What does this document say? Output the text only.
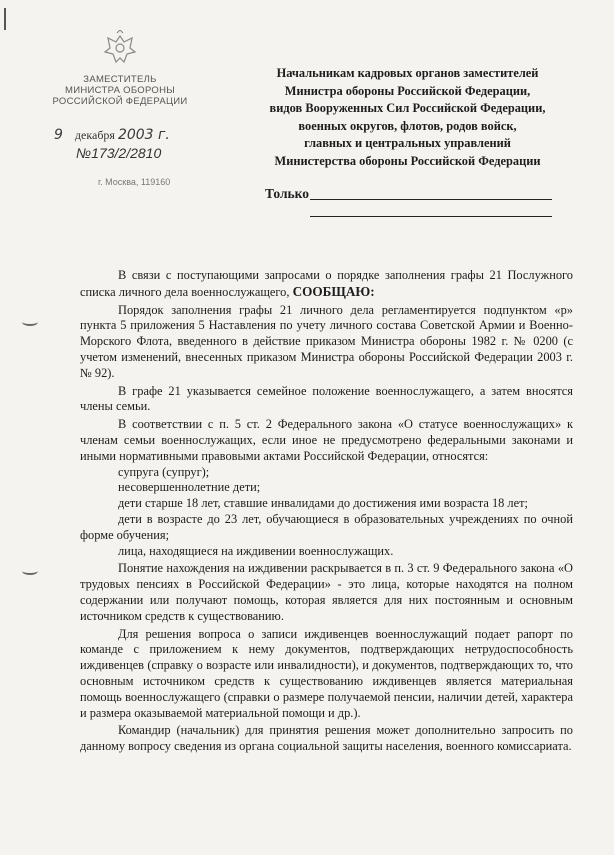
ЗАМЕСТИТЕЛЬ
МИНИСТРА ОБОРОНЫ
РОССИЙСКОЙ ФЕДЕРАЦИИ
9 декабря 2003 г.
№173/2/2810
г. Москва, 119160
Начальникам кадровых органов заместителей
Министра обороны Российской Федерации,
видов Вооруженных Сил Российской Федерации,
военных округов, флотов, родов войск,
главных и центральных управлений
Министерства обороны Российской Федерации
Только

В связи с поступающими запросами о порядке заполнения графы 21 Послужного списка личного дела военнослужащего, СООБЩАЮ:

Порядок заполнения графы 21 личного дела регламентируется подпунктом «р» пункта 5 приложения 5 Наставления по учету личного состава Советской Армии и Военно-Морского Флота, введенного в действие приказом Министра обороны 1982 г. № 0200 (с учетом изменений, внесенных приказом Министра обороны Российской Федерации 2003 г. № 92).

В графе 21 указывается семейное положение военнослужащего, а затем вносятся члены семьи.

В соответствии с п. 5 ст. 2 Федерального закона «О статусе военнослужащих» к членам семьи военнослужащих, если иное не предусмотрено федеральными законами и иными нормативными правовыми актами Российской Федерации, относятся:

супруга (супруг);

несовершеннолетние дети;

дети старше 18 лет, ставшие инвалидами до достижения ими возраста 18 лет;

дети в возрасте до 23 лет, обучающиеся в образовательных учреждениях по очной форме обучения;

лица, находящиеся на иждивении военнослужащих.

Понятие нахождения на иждивении раскрывается в п. 3 ст. 9 Федерального закона «О трудовых пенсиях в Российской Федерации» - это лица, которые находятся на полном содержании или получают помощь, которая является для них постоянным и основным источником средств к существованию.

Для решения вопроса о записи иждивенцев военнослужащий подает рапорт по команде с приложением к нему документов, подтверждающих нетрудоспособность иждивенцев (справку о возрасте или инвалидности), и документов, подтверждающих то, что основным источником средств к существованию иждивенцев является материальная помощь военнослужащего (справки о размере получаемой пенсии, наличии детей, характера и размера оказываемой материальной помощи и др.).

Командир (начальник) для принятия решения может дополнительно запросить по данному вопросу сведения из органа социальной защиты населения, военного комиссариата.
